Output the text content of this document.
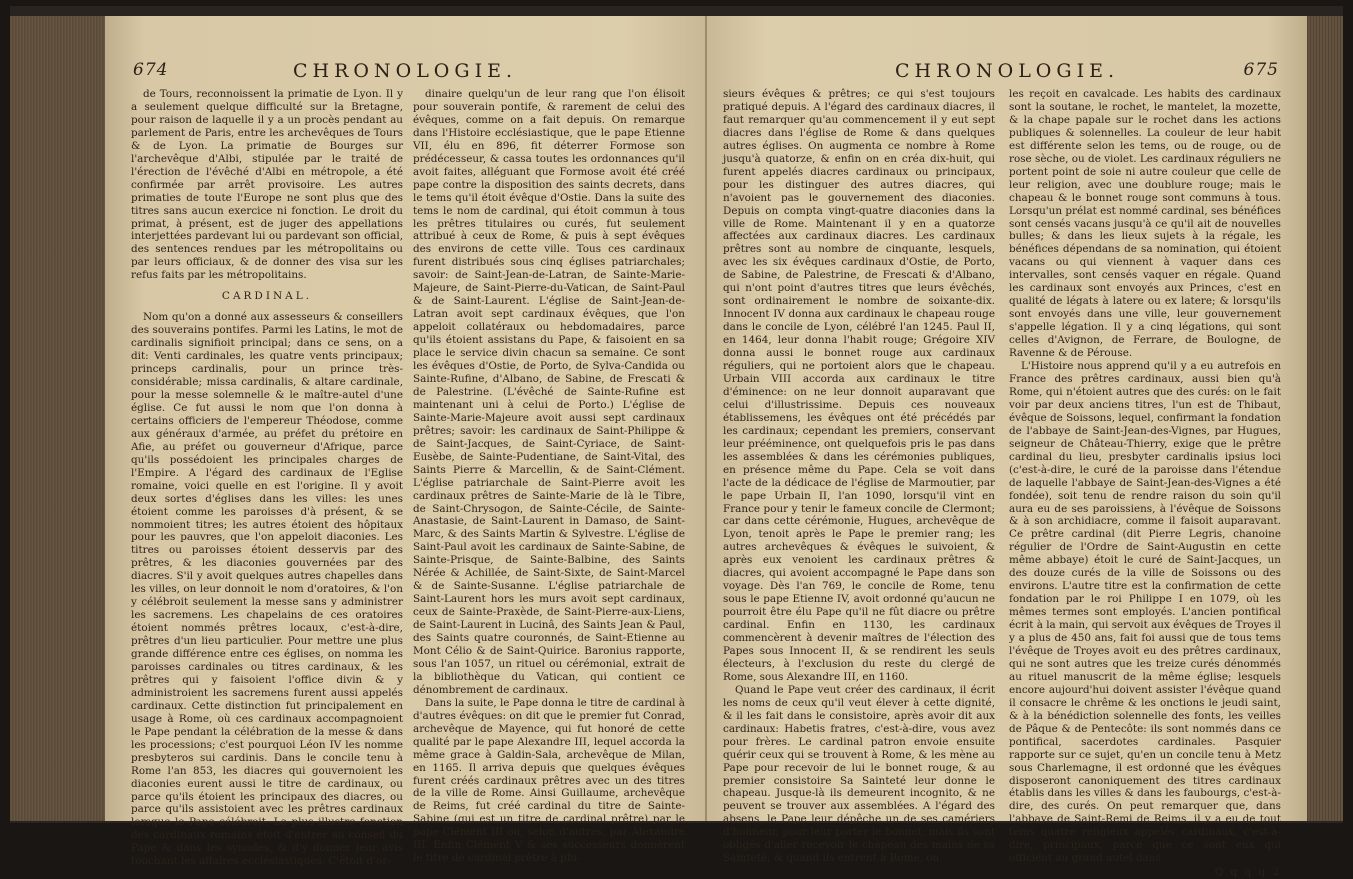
674	CHRONOLOGIE.

de Tours, reconnoissent la primatie de Lyon. Il y a seulement quelque difficulté sur la Bretagne, pour raison de laquelle il y a un procès pendant au parlement de Paris, entre les archevêques de Tours & de Lyon. La primatie de Bourges sur l'archevêque d'Albi, stipulée par le traité de l'érection de l'évêché d'Albi en métropole, a été confirmée par arrêt provisoire. Les autres primaties de toute l'Europe ne sont plus que des titres sans aucun exercice ni fonction. Le droit du primat, à présent, est de juger des appellations interjettées pardevant lui ou pardevant son official, des sentences rendues par les métropolitains ou par leurs officiaux, & de donner des visa sur les refus faits par les métropolitains.

CARDINAL.

Nom qu'on a donné aux assesseurs & conseillers des souverains pontifes. Parmi les Latins, le mot de cardinalis signifioit principal; dans ce sens, on a dit: Venti cardinales, les quatre vents principaux; princeps cardinalis, pour un prince très-considérable; missa cardinalis, & altare cardinale, pour la messe solemnelle & le maître-autel d'une église. Ce fut aussi le nom que l'on donna à certains officiers de l'empereur Théodose, comme aux généraux d'armée, au préfet du prétoire en Afie, au préfet ou gouverneur d'Afrique, parce qu'ils possédoient les principales charges de l'Empire. A l'égard des cardinaux de l'Eglise romaine, voici quelle en est l'origine. Il y avoit deux sortes d'églises dans les villes: les unes étoient comme les paroisses d'à présent, & se nommoient titres; les autres étoient des hôpitaux pour les pauvres, que l'on appeloit diaconies. Les titres ou paroisses étoient desservis par des prêtres, & les diaconies gouvernées par des diacres. S'il y avoit quelques autres chapelles dans les villes, on leur donnoit le nom d'oratoires, & l'on y célébroit seulement la messe sans y administrer les sacremens. Les chapelains de ces oratoires étoient nommés prêtres locaux, c'est-à-dire, prêtres d'un lieu particulier. Pour mettre une plus grande différence entre ces églises, on nomma les paroisses cardinales ou titres cardinaux, & les prêtres qui y faisoient l'office divin & y administroient les sacremens furent aussi appelés cardinaux. Cette distinction fut principalement en usage à Rome, où ces cardinaux accompagnoient le Pape pendant la célébration de la messe & dans les processions; c'est pourquoi Léon IV les nomme presbyteros sui cardinis. Dans le concile tenu à Rome l'an 853, les diacres qui gouvernoient les diaconies eurent aussi le titre de cardinaux, ou parce qu'ils étoient les principaux des diacres, ou parce qu'ils assistoient avec les prêtres cardinaux lorsque le Pape célébroit. La plus illustre fonction des cardinaux romains étoit d'entrer au conseil du Pape & dans les synodes, & d'y donner leur avis touchant les affaires ecclésiastiques. C'étoit d'or-

dinaire quelqu'un de leur rang que l'on élisoit pour souverain pontife, & rarement de celui des évêques, comme on a fait depuis. On remarque dans l'Histoire ecclésiastique, que le pape Etienne VII, élu en 896, fit déterrer Formose son prédécesseur, & cassa toutes les ordonnances qu'il avoit faites, alléguant que Formose avoit été créé pape contre la disposition des saints decrets, dans le tems qu'il étoit évêque d'Ostie. Dans la suite des tems le nom de cardinal, qui étoit commun à tous les prêtres titulaires ou curés, fut seulement attribué à ceux de Rome, & puis à sept évêques des environs de cette ville. Tous ces cardinaux furent distribués sous cinq églises patriarchales; savoir: de Saint-Jean-de-Latran, de Sainte-Marie-Majeure, de Saint-Pierre-du-Vatican, de Saint-Paul & de Saint-Laurent. L'église de Saint-Jean-de-Latran avoit sept cardinaux évêques, que l'on appeloit collatéraux ou hebdomadaires, parce qu'ils étoient assistans du Pape, & faisoient en sa place le service divin chacun sa semaine. Ce sont les évêques d'Ostie, de Porto, de Sylva-Candida ou Sainte-Rufine, d'Albano, de Sabine, de Frescati & de Palestrine. (L'évêché de Sainte-Rufine est maintenant uni à celui de Porto.) L'église de Sainte-Marie-Majeure avoit aussi sept cardinaux prêtres; savoir: les cardinaux de Saint-Philippe & de Saint-Jacques, de Saint-Cyriace, de Saint-Eusèbe, de Sainte-Pudentiane, de Saint-Vital, des Saints Pierre & Marcellin, & de Saint-Clément. L'église patriarchale de Saint-Pierre avoit les cardinaux prêtres de Sainte-Marie de là le Tibre, de Saint-Chrysogon, de Sainte-Cécile, de Sainte-Anastasie, de Saint-Laurent in Damaso, de Saint-Marc, & des Saints Martin & Sylvestre. L'église de Saint-Paul avoit les cardinaux de Sainte-Sabine, de Sainte-Prisque, de Sainte-Balbine, des Saints Nérée & Achillée, de Saint-Sixte, de Saint-Marcel & de Sainte-Susanne. L'église patriarchale de Saint-Laurent hors les murs avoit sept cardinaux, ceux de Sainte-Praxède, de Saint-Pierre-aux-Liens, de Saint-Laurent in Lucinâ, des Saints Jean & Paul, des Saints quatre couronnés, de Saint-Etienne au Mont Célio & de Saint-Quirice. Baronius rapporte, sous l'an 1057, un rituel ou cérémonial, extrait de la bibliothèque du Vatican, qui contient ce dénombrement de cardinaux.

Dans la suite, le Pape donna le titre de cardinal à d'autres évêques: on dit que le premier fut Conrad, archevêque de Mayence, qui fut honoré de cette qualité par le pape Alexandre III, lequel accorda la même grace à Galdin-Sala, archevêque de Milan, en 1165. Il arriva depuis que quelques évêques furent créés cardinaux prêtres avec un des titres de la ville de Rome. Ainsi Guillaume, archevêque de Reims, fut créé cardinal du titre de Sainte-Sabine (qui est un titre de cardinal prêtre) par le pape Clément III ou, selon d'autres, par Alexandre III. Enfin Clément V & ses successeurs donnèrent le titre de cardinal prêtre à plu-

CHRONOLOGIE.	675

sieurs évêques & prêtres; ce qui s'est toujours pratiqué depuis. A l'égard des cardinaux diacres, il faut remarquer qu'au commencement il y eut sept diacres dans l'église de Rome & dans quelques autres églises. On augmenta ce nombre à Rome jusqu'à quatorze, & enfin on en créa dix-huit, qui furent appelés diacres cardinaux ou principaux, pour les distinguer des autres diacres, qui n'avoient pas le gouvernement des diaconies. Depuis on compta vingt-quatre diaconies dans la ville de Rome. Maintenant il y en a quatorze affectées aux cardinaux diacres. Les cardinaux prêtres sont au nombre de cinquante, lesquels, avec les six évêques cardinaux d'Ostie, de Porto, de Sabine, de Palestrine, de Frescati & d'Albano, qui n'ont point d'autres titres que leurs évêchés, sont ordinairement le nombre de soixante-dix. Innocent IV donna aux cardinaux le chapeau rouge dans le concile de Lyon, célébré l'an 1245. Paul II, en 1464, leur donna l'habit rouge; Grégoire XIV donna aussi le bonnet rouge aux cardinaux réguliers, qui ne portoient alors que le chapeau. Urbain VIII accorda aux cardinaux le titre d'éminence: on ne leur donnoit auparavant que celui d'illustrissime. Depuis ces nouveaux établissemens, les évêques ont été précédés par les cardinaux; cependant les premiers, conservant leur prééminence, ont quelquefois pris le pas dans les assemblées & dans les cérémonies publiques, en présence même du Pape. Cela se voit dans l'acte de la dédicace de l'église de Marmoutier, par le pape Urbain II, l'an 1090, lorsqu'il vint en France pour y tenir le fameux concile de Clermont; car dans cette cérémonie, Hugues, archevêque de Lyon, tenoit après le Pape le premier rang; les autres archevêques & évêques le suivoient, & après eux venoient les cardinaux prêtres & diacres, qui avoient accompagné le Pape dans son voyage. Dès l'an 769, le concile de Rome, tenu sous le pape Etienne IV, avoit ordonné qu'aucun ne pourroit être élu Pape qu'il ne fût diacre ou prêtre cardinal. Enfin en 1130, les cardinaux commencèrent à devenir maîtres de l'élection des Papes sous Innocent II, & se rendirent les seuls électeurs, à l'exclusion du reste du clergé de Rome, sous Alexandre III, en 1160.

Quand le Pape veut créer des cardinaux, il écrit les noms de ceux qu'il veut élever à cette dignité, & il les fait dans le consistoire, après avoir dit aux cardinaux: Habetis fratres, c'est-à-dire, vous avez pour frères. Le cardinal patron envoie ensuite quérir ceux qui se trouvent à Rome, & les mène au Pape pour recevoir de lui le bonnet rouge, & au premier consistoire Sa Sainteté leur donne le chapeau. Jusque-là ils demeurent incognito, & ne peuvent se trouver aux assemblées. A l'égard des absens, le Pape leur dépêche un de ses camériers d'honneur, pour leur porter le bonnet; mais ils sont obligés d'aller recevoir le chapeau des mains de sa Sainteté; & quand ils entrent à Rome, on

les reçoit en cavalcade. Les habits des cardinaux sont la soutane, le rochet, le mantelet, la mozette, & la chape papale sur le rochet dans les actions publiques & solennelles. La couleur de leur habit est différente selon les tems, ou de rouge, ou de rose sèche, ou de violet. Les cardinaux réguliers ne portent point de soie ni autre couleur que celle de leur religion, avec une doublure rouge; mais le chapeau & le bonnet rouge sont communs à tous. Lorsqu'un prélat est nommé cardinal, ses bénéfices sont censés vacans jusqu'à ce qu'il ait de nouvelles bulles; & dans les lieux sujets à la régale, les bénéfices dépendans de sa nomination, qui étoient vacans ou qui viennent à vaquer dans ces intervalles, sont censés vaquer en régale. Quand les cardinaux sont envoyés aux Princes, c'est en qualité de légats à latere ou ex latere; & lorsqu'ils sont envoyés dans une ville, leur gouvernement s'appelle légation. Il y a cinq légations, qui sont celles d'Avignon, de Ferrare, de Boulogne, de Ravenne & de Pérouse.

L'Histoire nous apprend qu'il y a eu autrefois en France des prêtres cardinaux, aussi bien qu'à Rome, qui n'étoient autres que des curés: on le fait voir par deux anciens titres, l'un est de Thibaut, évêque de Soissons, lequel, confirmant la fondation de l'abbaye de Saint-Jean-des-Vignes, par Hugues, seigneur de Château-Thierry, exige que le prêtre cardinal du lieu, presbyter cardinalis ipsius loci (c'est-à-dire, le curé de la paroisse dans l'étendue de laquelle l'abbaye de Saint-Jean-des-Vignes a été fondée), soit tenu de rendre raison du soin qu'il aura eu de ses paroissiens, à l'évêque de Soissons & à son archidiacre, comme il faisoit auparavant. Ce prêtre cardinal (dit Pierre Legris, chanoine régulier de l'Ordre de Saint-Augustin en cette même abbaye) étoit le curé de Saint-Jacques, un des douze curés de la ville de Soissons ou des environs. L'autre titre est la confirmation de cette fondation par le roi Philippe I en 1079, où les mêmes termes sont employés. L'ancien pontifical écrit à la main, qui servoit aux évêques de Troyes il y a plus de 450 ans, fait foi aussi que de tous tems l'évêque de Troyes avoit eu des prêtres cardinaux, qui ne sont autres que les treize curés dénommés au rituel manuscrit de la même église; lesquels encore aujourd'hui doivent assister l'évêque quand il consacre le chrême & les onctions le jeudi saint, & à la bénédiction solennelle des fonts, les veilles de Pâque & de Pentecôte: ils sont nommés dans ce pontifical, sacerdotes cardinales. Pasquier rapporte sur ce sujet, qu'en un concile tenu à Metz sous Charlemagne, il est ordonné que les évêques disposeront canoniquement des titres cardinaux établis dans les villes & dans les faubourgs, c'est-à-dire, des curés. On peut remarquer que, dans l'abbaye de Saint-Remi de Reims, il y a eu de tout tems quatre religieux appelés cardinaux, c'est-à-dire, principaux, parce que ce sont eux qui officient au grand autel dans

Q q q q 2
